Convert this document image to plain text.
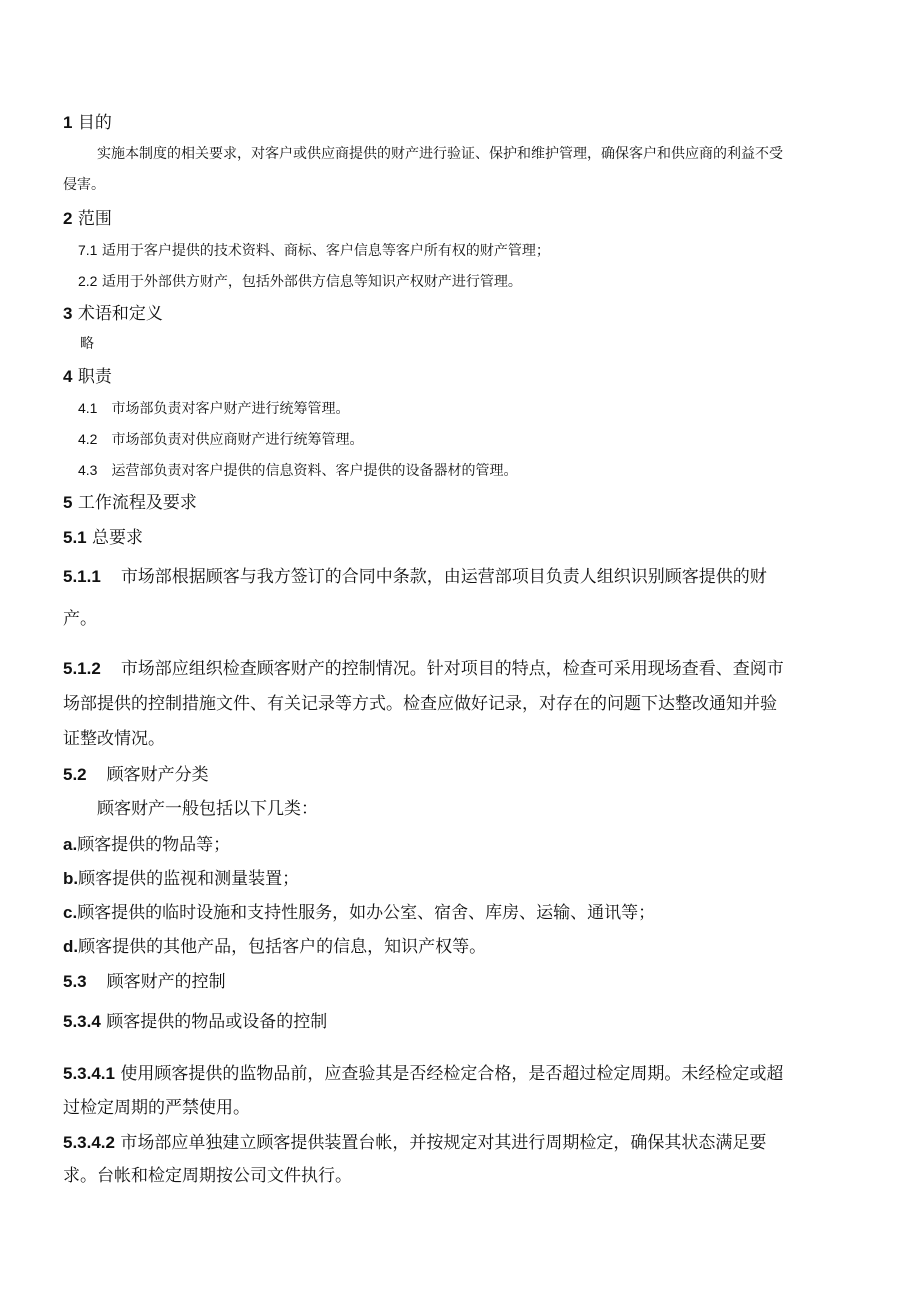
1 目的
实施本制度的相关要求，对客户或供应商提供的财产进行验证、保护和维护管理，确保客户和供应商的利益不受
侵害。
2 范围
7.1 适用于客户提供的技术资料、商标、客户信息等客户所有权的财产管理；
2.2 适用于外部供方财产，包括外部供方信息等知识产权财产进行管理。
3 术语和定义
略
4 职责
4.1 市场部负责对客户财产进行统筹管理。
4.2 市场部负责对供应商财产进行统筹管理。
4.3 运营部负责对客户提供的信息资料、客户提供的设备器材的管理。
5 工作流程及要求
5.1 总要求
5.1.1 市场部根据顾客与我方签订的合同中条款，由运营部项目负责人组织识别顾客提供的财
产。
5.1.2 市场部应组织检查顾客财产的控制情况。针对项目的特点，检查可采用现场查看、查阅市
场部提供的控制措施文件、有关记录等方式。检查应做好记录，对存在的问题下达整改通知并验
证整改情况。
5.2 顾客财产分类
顾客财产一般包括以下几类：
a.顾客提供的物品等；
b.顾客提供的监视和测量装置；
c.顾客提供的临时设施和支持性服务，如办公室、宿舍、库房、运输、通讯等；
d.顾客提供的其他产品，包括客户的信息，知识产权等。
5.3 顾客财产的控制
5.3.4 顾客提供的物品或设备的控制
5.3.4.1 使用顾客提供的监物品前，应查验其是否经检定合格，是否超过检定周期。未经检定或超
过检定周期的严禁使用。
5.3.4.2 市场部应单独建立顾客提供装置台帐，并按规定对其进行周期检定，确保其状态满足要
求。台帐和检定周期按公司文件执行。
